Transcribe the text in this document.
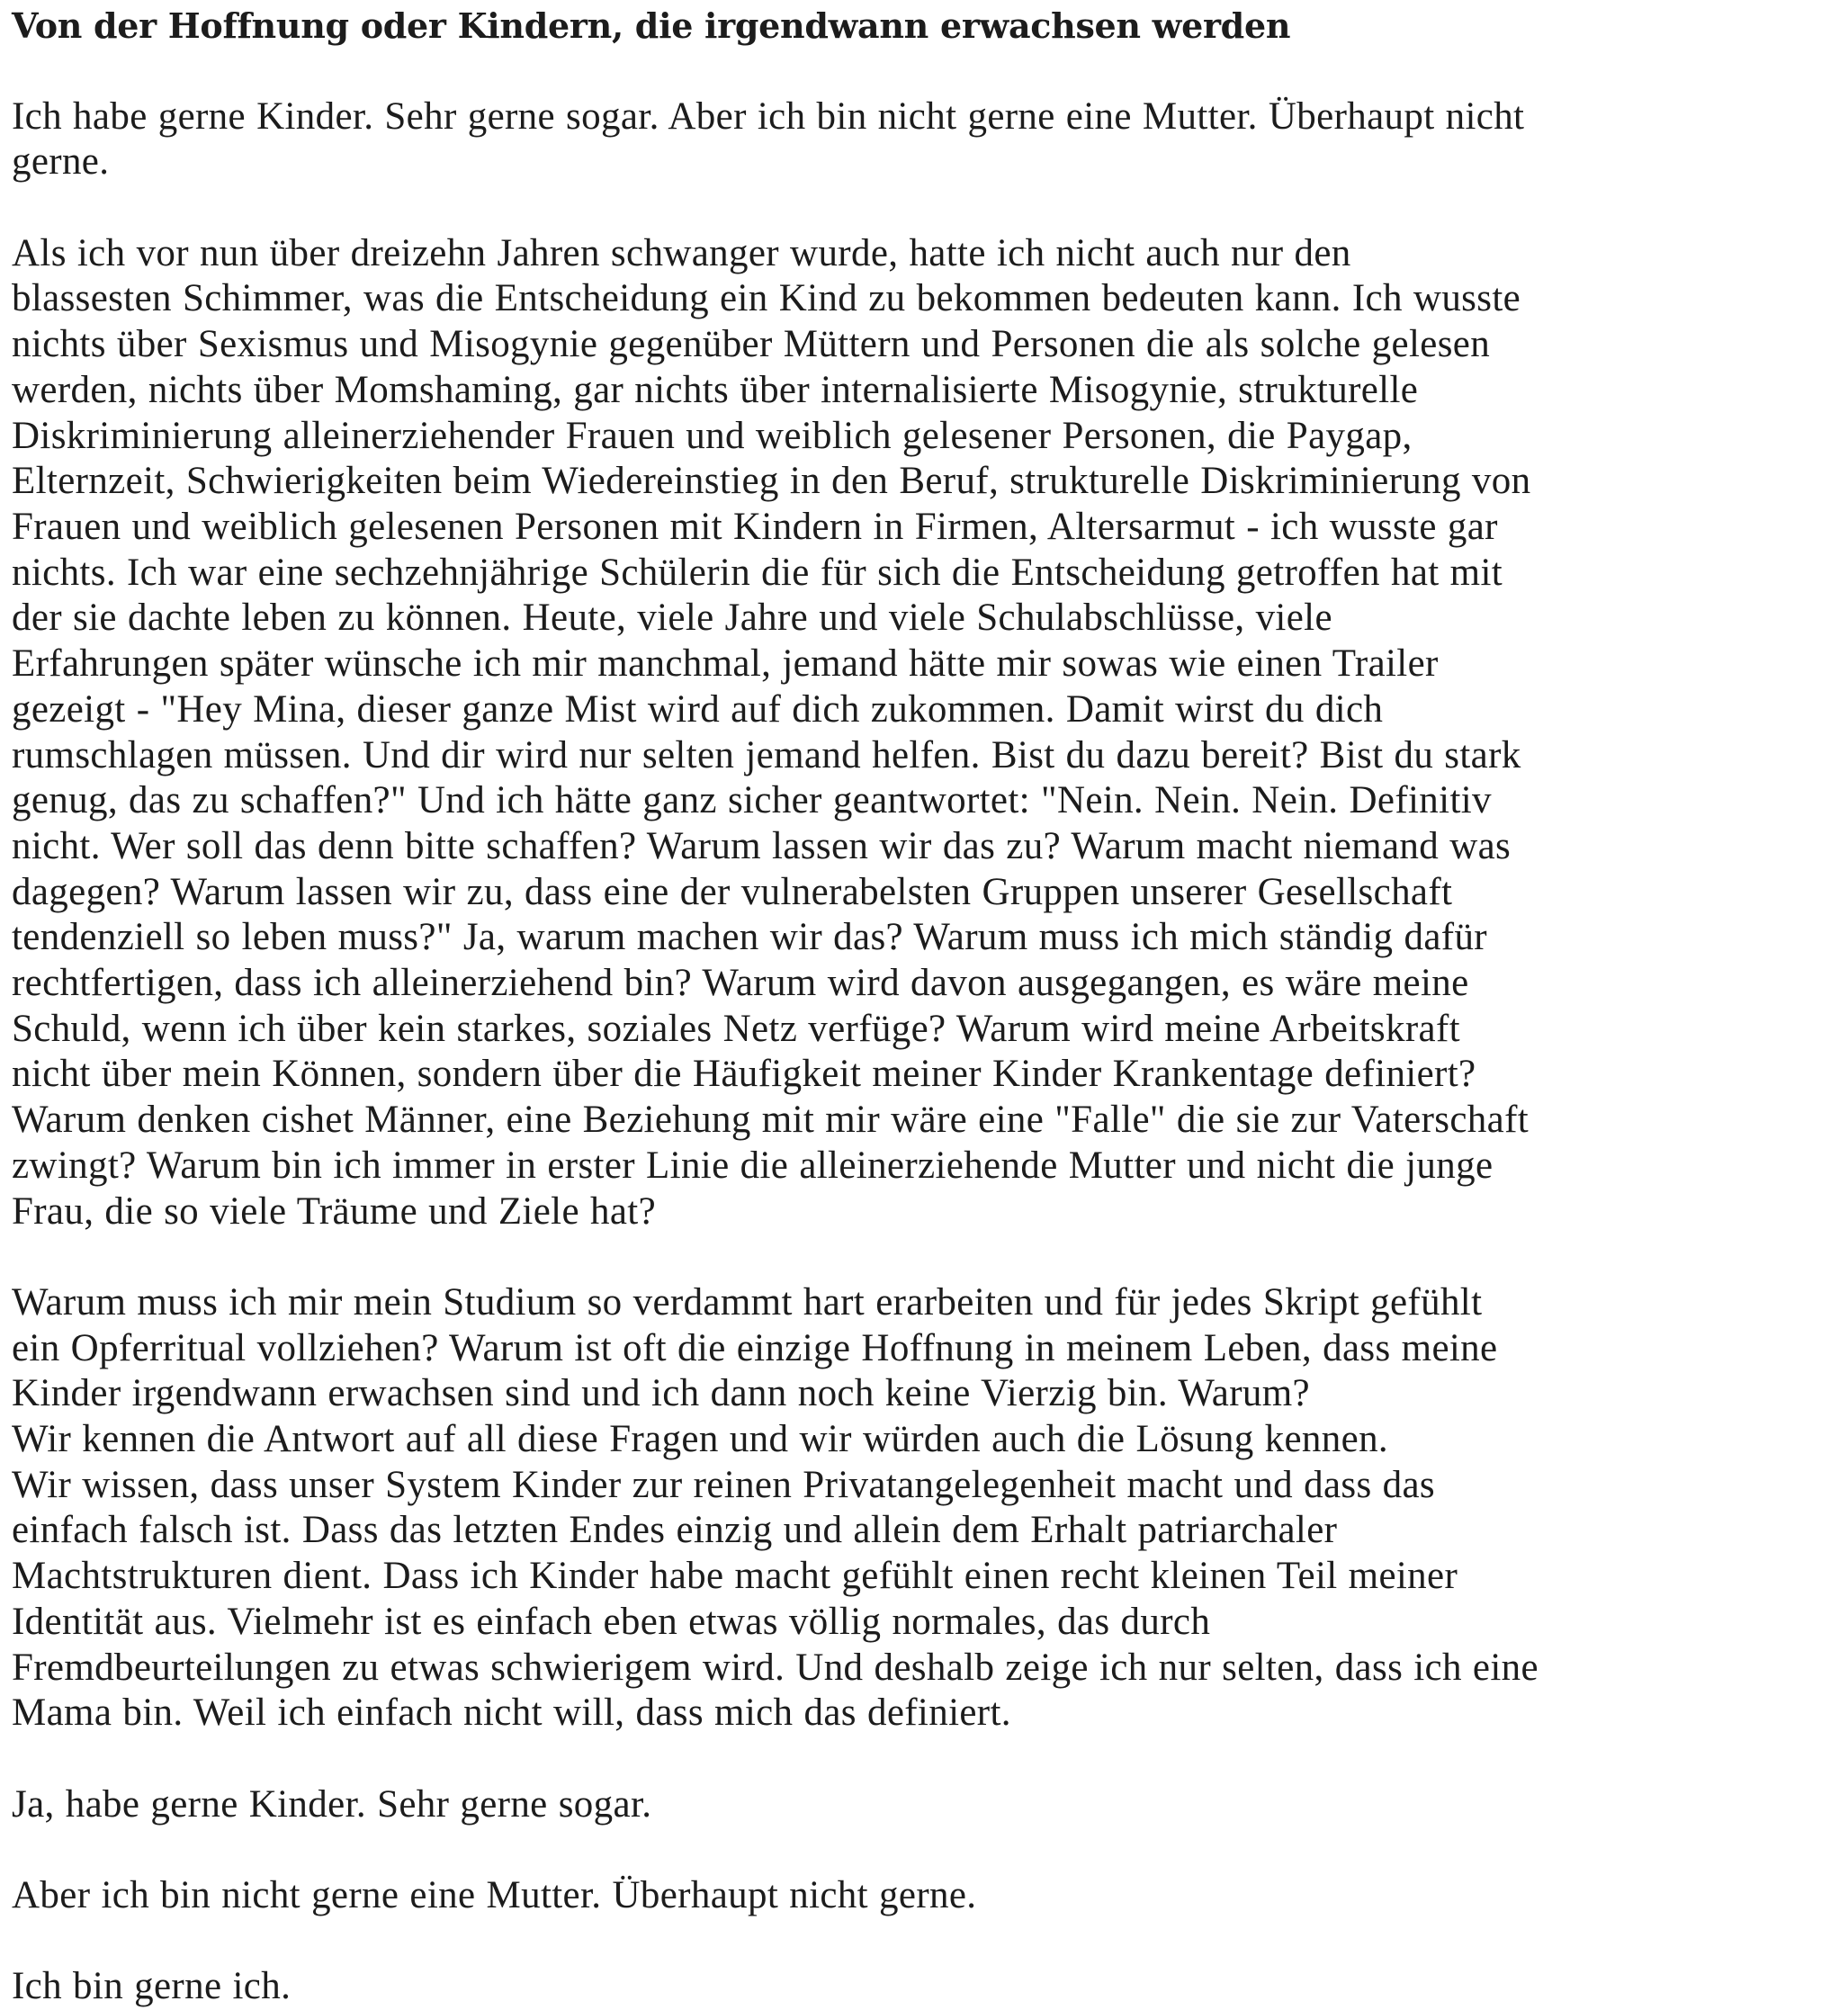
Von der Hoffnung oder Kindern, die irgendwann erwachsen werden

Ich habe gerne Kinder. Sehr gerne sogar. Aber ich bin nicht gerne eine Mutter. Überhaupt nicht
gerne.

Als ich vor nun über dreizehn Jahren schwanger wurde, hatte ich nicht auch nur den
blassesten Schimmer, was die Entscheidung ein Kind zu bekommen bedeuten kann. Ich wusste
nichts über Sexismus und Misogynie gegenüber Müttern und Personen die als solche gelesen
werden, nichts über Momshaming, gar nichts über internalisierte Misogynie, strukturelle
Diskriminierung alleinerziehender Frauen und weiblich gelesener Personen, die Paygap,
Elternzeit, Schwierigkeiten beim Wiedereinstieg in den Beruf, strukturelle Diskriminierung von
Frauen und weiblich gelesenen Personen mit Kindern in Firmen, Altersarmut - ich wusste gar
nichts. Ich war eine sechzehnjährige Schülerin die für sich die Entscheidung getroffen hat mit
der sie dachte leben zu können. Heute, viele Jahre und viele Schulabschlüsse, viele
Erfahrungen später wünsche ich mir manchmal, jemand hätte mir sowas wie einen Trailer
gezeigt - "Hey Mina, dieser ganze Mist wird auf dich zukommen. Damit wirst du dich
rumschlagen müssen. Und dir wird nur selten jemand helfen. Bist du dazu bereit? Bist du stark
genug, das zu schaffen?" Und ich hätte ganz sicher geantwortet: "Nein. Nein. Nein. Definitiv
nicht. Wer soll das denn bitte schaffen? Warum lassen wir das zu? Warum macht niemand was
dagegen? Warum lassen wir zu, dass eine der vulnerabelsten Gruppen unserer Gesellschaft
tendenziell so leben muss?" Ja, warum machen wir das? Warum muss ich mich ständig dafür
rechtfertigen, dass ich alleinerziehend bin? Warum wird davon ausgegangen, es wäre meine
Schuld, wenn ich über kein starkes, soziales Netz verfüge? Warum wird meine Arbeitskraft
nicht über mein Können, sondern über die Häufigkeit meiner Kinder Krankentage definiert?
Warum denken cishet Männer, eine Beziehung mit mir wäre eine "Falle" die sie zur Vaterschaft
zwingt? Warum bin ich immer in erster Linie die alleinerziehende Mutter und nicht die junge
Frau, die so viele Träume und Ziele hat?

Warum muss ich mir mein Studium so verdammt hart erarbeiten und für jedes Skript gefühlt
ein Opferritual vollziehen? Warum ist oft die einzige Hoffnung in meinem Leben, dass meine
Kinder irgendwann erwachsen sind und ich dann noch keine Vierzig bin. Warum?
Wir kennen die Antwort auf all diese Fragen und wir würden auch die Lösung kennen.
Wir wissen, dass unser System Kinder zur reinen Privatangelegenheit macht und dass das
einfach falsch ist. Dass das letzten Endes einzig und allein dem Erhalt patriarchaler
Machtstrukturen dient. Dass ich Kinder habe macht gefühlt einen recht kleinen Teil meiner
Identität aus. Vielmehr ist es einfach eben etwas völlig normales, das durch
Fremdbeurteilungen zu etwas schwierigem wird. Und deshalb zeige ich nur selten, dass ich eine
Mama bin. Weil ich einfach nicht will, dass mich das definiert.

Ja, habe gerne Kinder. Sehr gerne sogar.

Aber ich bin nicht gerne eine Mutter. Überhaupt nicht gerne.

Ich bin gerne ich.
